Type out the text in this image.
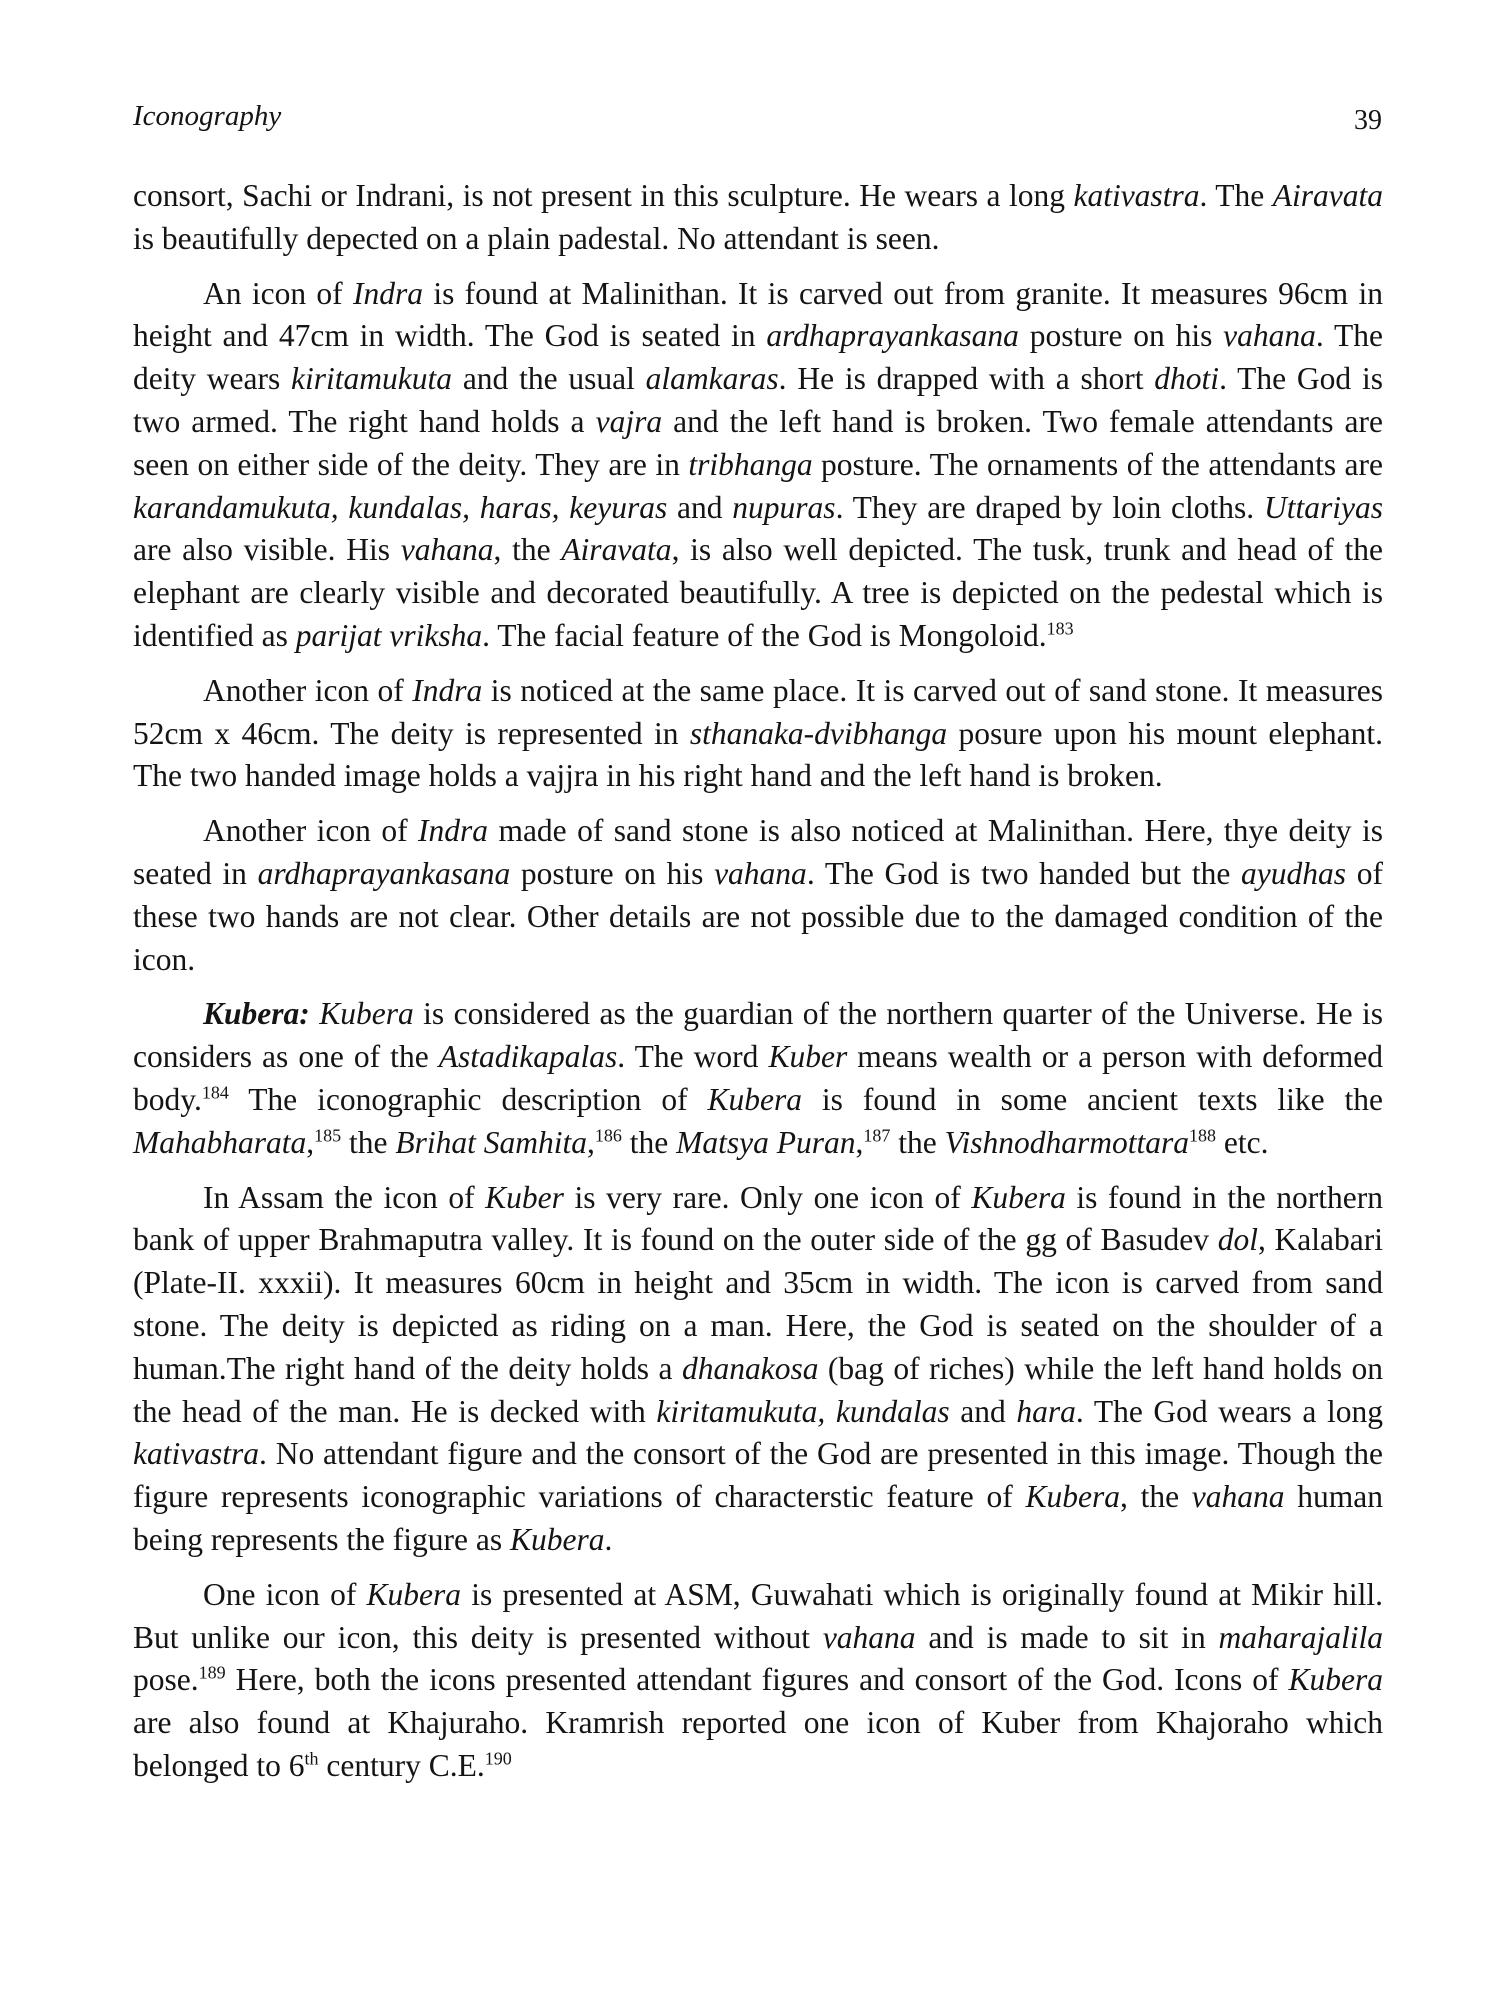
Iconography	39

consort, Sachi or Indrani, is not present in this sculpture. He wears a long kativastra. The Airavata is beautifully depected on a plain padestal. No attendant is seen.

An icon of Indra is found at Malinithan. It is carved out from granite. It measures 96cm in height and 47cm in width. The God is seated in ardhaprayankasana posture on his vahana. The deity wears kiritamukuta and the usual alamkaras. He is drapped with a short dhoti. The God is two armed. The right hand holds a vajra and the left hand is broken. Two female attendants are seen on either side of the deity. They are in tribhanga posture. The ornaments of the attendants are karandamukuta, kundalas, haras, keyuras and nupuras. They are draped by loin cloths. Uttariyas are also visible. His vahana, the Airavata, is also well depicted. The tusk, trunk and head of the elephant are clearly visible and decorated beautifully. A tree is depicted on the pedestal which is identified as parijat vriksha. The facial feature of the God is Mongoloid.$^{183}$

Another icon of Indra is noticed at the same place. It is carved out of sand stone. It measures 52cm x 46cm. The deity is represented in sthanaka-dvibhanga posure upon his mount elephant. The two handed image holds a vajjra in his right hand and the left hand is broken.

Another icon of Indra made of sand stone is also noticed at Malinithan. Here, thye deity is seated in ardhaprayankasana posture on his vahana. The God is two handed but the ayudhas of these two hands are not clear. Other details are not possible due to the damaged condition of the icon.

Kubera: Kubera is considered as the guardian of the northern quarter of the Universe. He is considers as one of the Astadikapalas. The word Kuber means wealth or a person with deformed body.$^{184}$ The iconographic description of Kubera is found in some ancient texts like the Mahabharata,$^{185}$ the Brihat Samhita,$^{186}$ the Matsya Puran,$^{187}$ the Vishnodharmottara$^{188}$ etc.

In Assam the icon of Kuber is very rare. Only one icon of Kubera is found in the northern bank of upper Brahmaputra valley. It is found on the outer side of the gg of Basudev dol, Kalabari (Plate-II. xxxii). It measures 60cm in height and 35cm in width. The icon is carved from sand stone. The deity is depicted as riding on a man. Here, the God is seated on the shoulder of a human.The right hand of the deity holds a dhanakosa (bag of riches) while the left hand holds on the head of the man. He is decked with kiritamukuta, kundalas and hara. The God wears a long kativastra. No attendant figure and the consort of the God are presented in this image. Though the figure represents iconographic variations of characterstic feature of Kubera, the vahana human being represents the figure as Kubera.

One icon of Kubera is presented at ASM, Guwahati which is originally found at Mikir hill. But unlike our icon, this deity is presented without vahana and is made to sit in maharajalila pose.$^{189}$ Here, both the icons presented attendant figures and consort of the God. Icons of Kubera are also found at Khajuraho. Kramrish reported one icon of Kuber from Khajoraho which belonged to 6th century C.E.$^{190}$
